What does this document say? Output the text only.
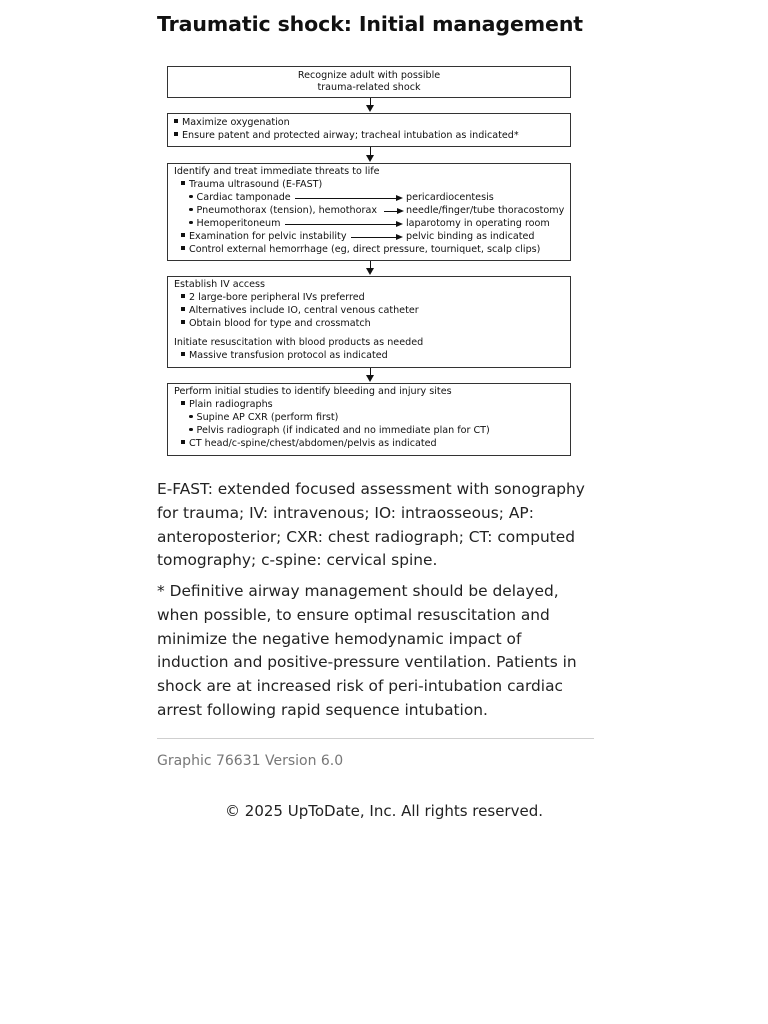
Traumatic shock: Initial management
Recognize adult with possible
trauma-related shock
Maximize oxygenation
Ensure patent and protected airway; tracheal intubation as indicated*
Identify and treat immediate threats to life
Trauma ultrasound (E-FAST)
Cardiac tamponade	pericardiocentesis
Pneumothorax (tension), hemothorax	needle/finger/tube thoracostomy
Hemoperitoneum	laparotomy in operating room
Examination for pelvic instability	pelvic binding as indicated
Control external hemorrhage (eg, direct pressure, tourniquet, scalp clips)
Establish IV access
2 large-bore peripheral IVs preferred
Alternatives include IO, central venous catheter
Obtain blood for type and crossmatch
Initiate resuscitation with blood products as needed
Massive transfusion protocol as indicated
Perform initial studies to identify bleeding and injury sites
Plain radiographs
Supine AP CXR (perform first)
Pelvis radiograph (if indicated and no immediate plan for CT)
CT head/c-spine/chest/abdomen/pelvis as indicated

E-FAST: extended focused assessment with sonography for trauma; IV: intravenous; IO: intraosseous; AP: anteroposterior; CXR: chest radiograph; CT: computed tomography; c-spine: cervical spine.

* Definitive airway management should be delayed, when possible, to ensure optimal resuscitation and minimize the negative hemodynamic impact of induction and positive-pressure ventilation. Patients in shock are at increased risk of peri-intubation cardiac arrest following rapid sequence intubation.

Graphic 76631 Version 6.0
© 2025 UpToDate, Inc. All rights reserved.
